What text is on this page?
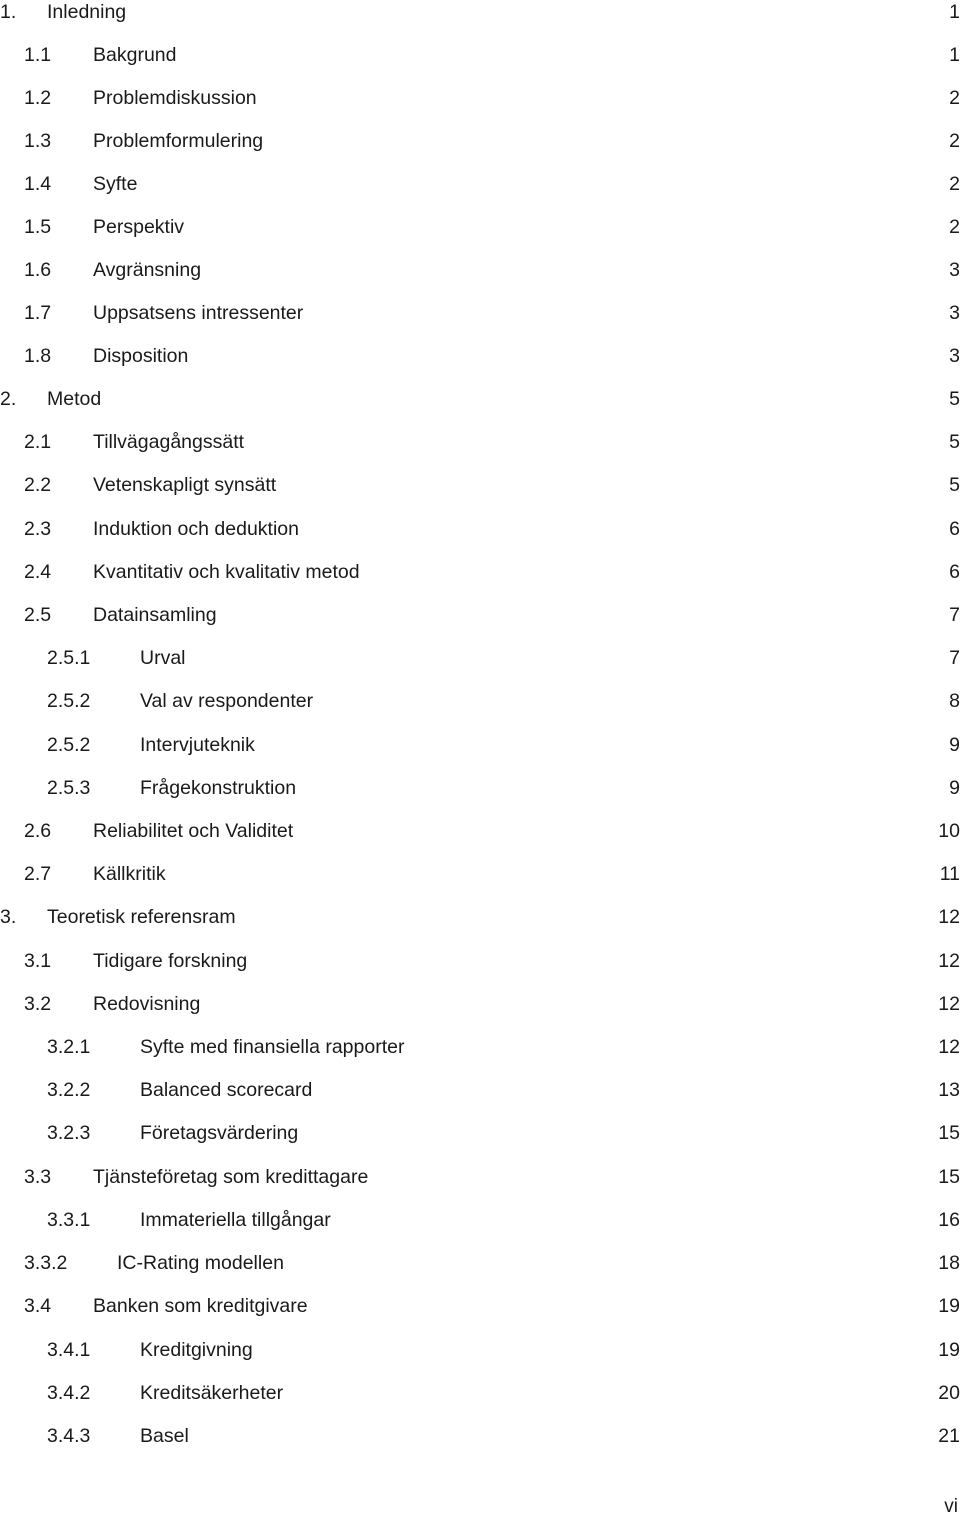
1. Inledning	1
1.1 Bakgrund	1
1.2 Problemdiskussion	2
1.3 Problemformulering	2
1.4 Syfte	2
1.5 Perspektiv	2
1.6 Avgränsning	3
1.7 Uppsatsens intressenter	3
1.8 Disposition	3
2. Metod	5
2.1 Tillvägagångssätt	5
2.2 Vetenskapligt synsätt	5
2.3 Induktion och deduktion	6
2.4 Kvantitativ och kvalitativ metod	6
2.5 Datainsamling	7
2.5.1	Urval	7
2.5.2	Val av respondenter	8
2.5.2	Intervjuteknik	9
2.5.3	Frågekonstruktion	9
2.6 Reliabilitet och Validitet	10
2.7 Källkritik	11
3. Teoretisk referensram	12
3.1 Tidigare forskning	12
3.2 Redovisning	12
3.2.1	Syfte med finansiella rapporter	12
3.2.2	Balanced scorecard	13
3.2.3	Företagsvärdering	15
3.3 Tjänsteföretag som kredittagare	15
3.3.1	Immateriella tillgångar	16
3.3.2	IC-Rating modellen	18
3.4 Banken som kreditgivare	19
3.4.1	Kreditgivning	19
3.4.2	Kreditsäkerheter	20
3.4.3	Basel	21
vi
